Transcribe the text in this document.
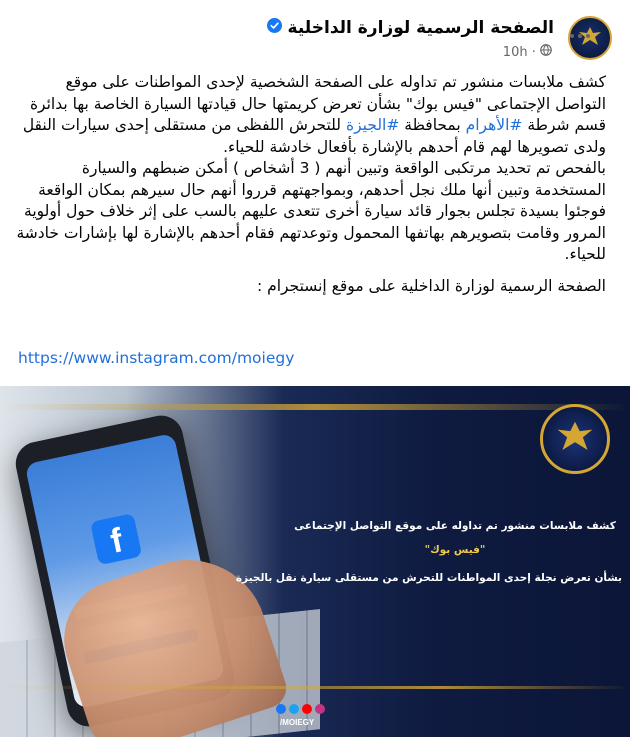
الصفحة الرسمية لوزارة الداخلية
10h ·

كشف ملابسات منشور تم تداوله على الصفحة الشخصية لإحدى المواطنات على موقع التواصل الإجتماعى "فيس بوك" بشأن تعرض كريمتها حال قيادتها السيارة الخاصة بها بدائرة قسم شرطة #الأهرام بمحافظة #الجيزة للتحرش اللفظى من مستقلى إحدى سيارات النقل ولدى تصويرها لهم قام أحدهم بالإشارة بأفعال خادشة للحياء.

بالفحص تم تحديد مرتكبى الواقعة وتبين أنهم ( 3 أشخاص ) أمكن ضبطهم والسيارة المستخدمة وتبين أنها ملك نجل أحدهم، وبمواجهتهم قرروا أنهم حال سيرهم بمكان الواقعة فوجئوا بسيدة تجلس بجوار قائد سيارة أخرى تتعدى عليهم بالسب على إثر خلاف حول أولوية المرور وقامت بتصويرهم بهاتفها المحمول وتوعدتهم فقام أحدهم بالإشارة لها بإشارات خادشة للحياء.

الصفحة الرسمية لوزارة الداخلية على موقع إنستجرام :

https://www.instagram.com/moiegy
f	كشف ملابسات منشور تم تداوله على موقع التواصل الإجتماعى
"فيس بوك"
بشأن تعرض نجلة إحدى المواطنات للتحرش من مستقلى سيارة نقل بالجيزة
/MOIEGY
